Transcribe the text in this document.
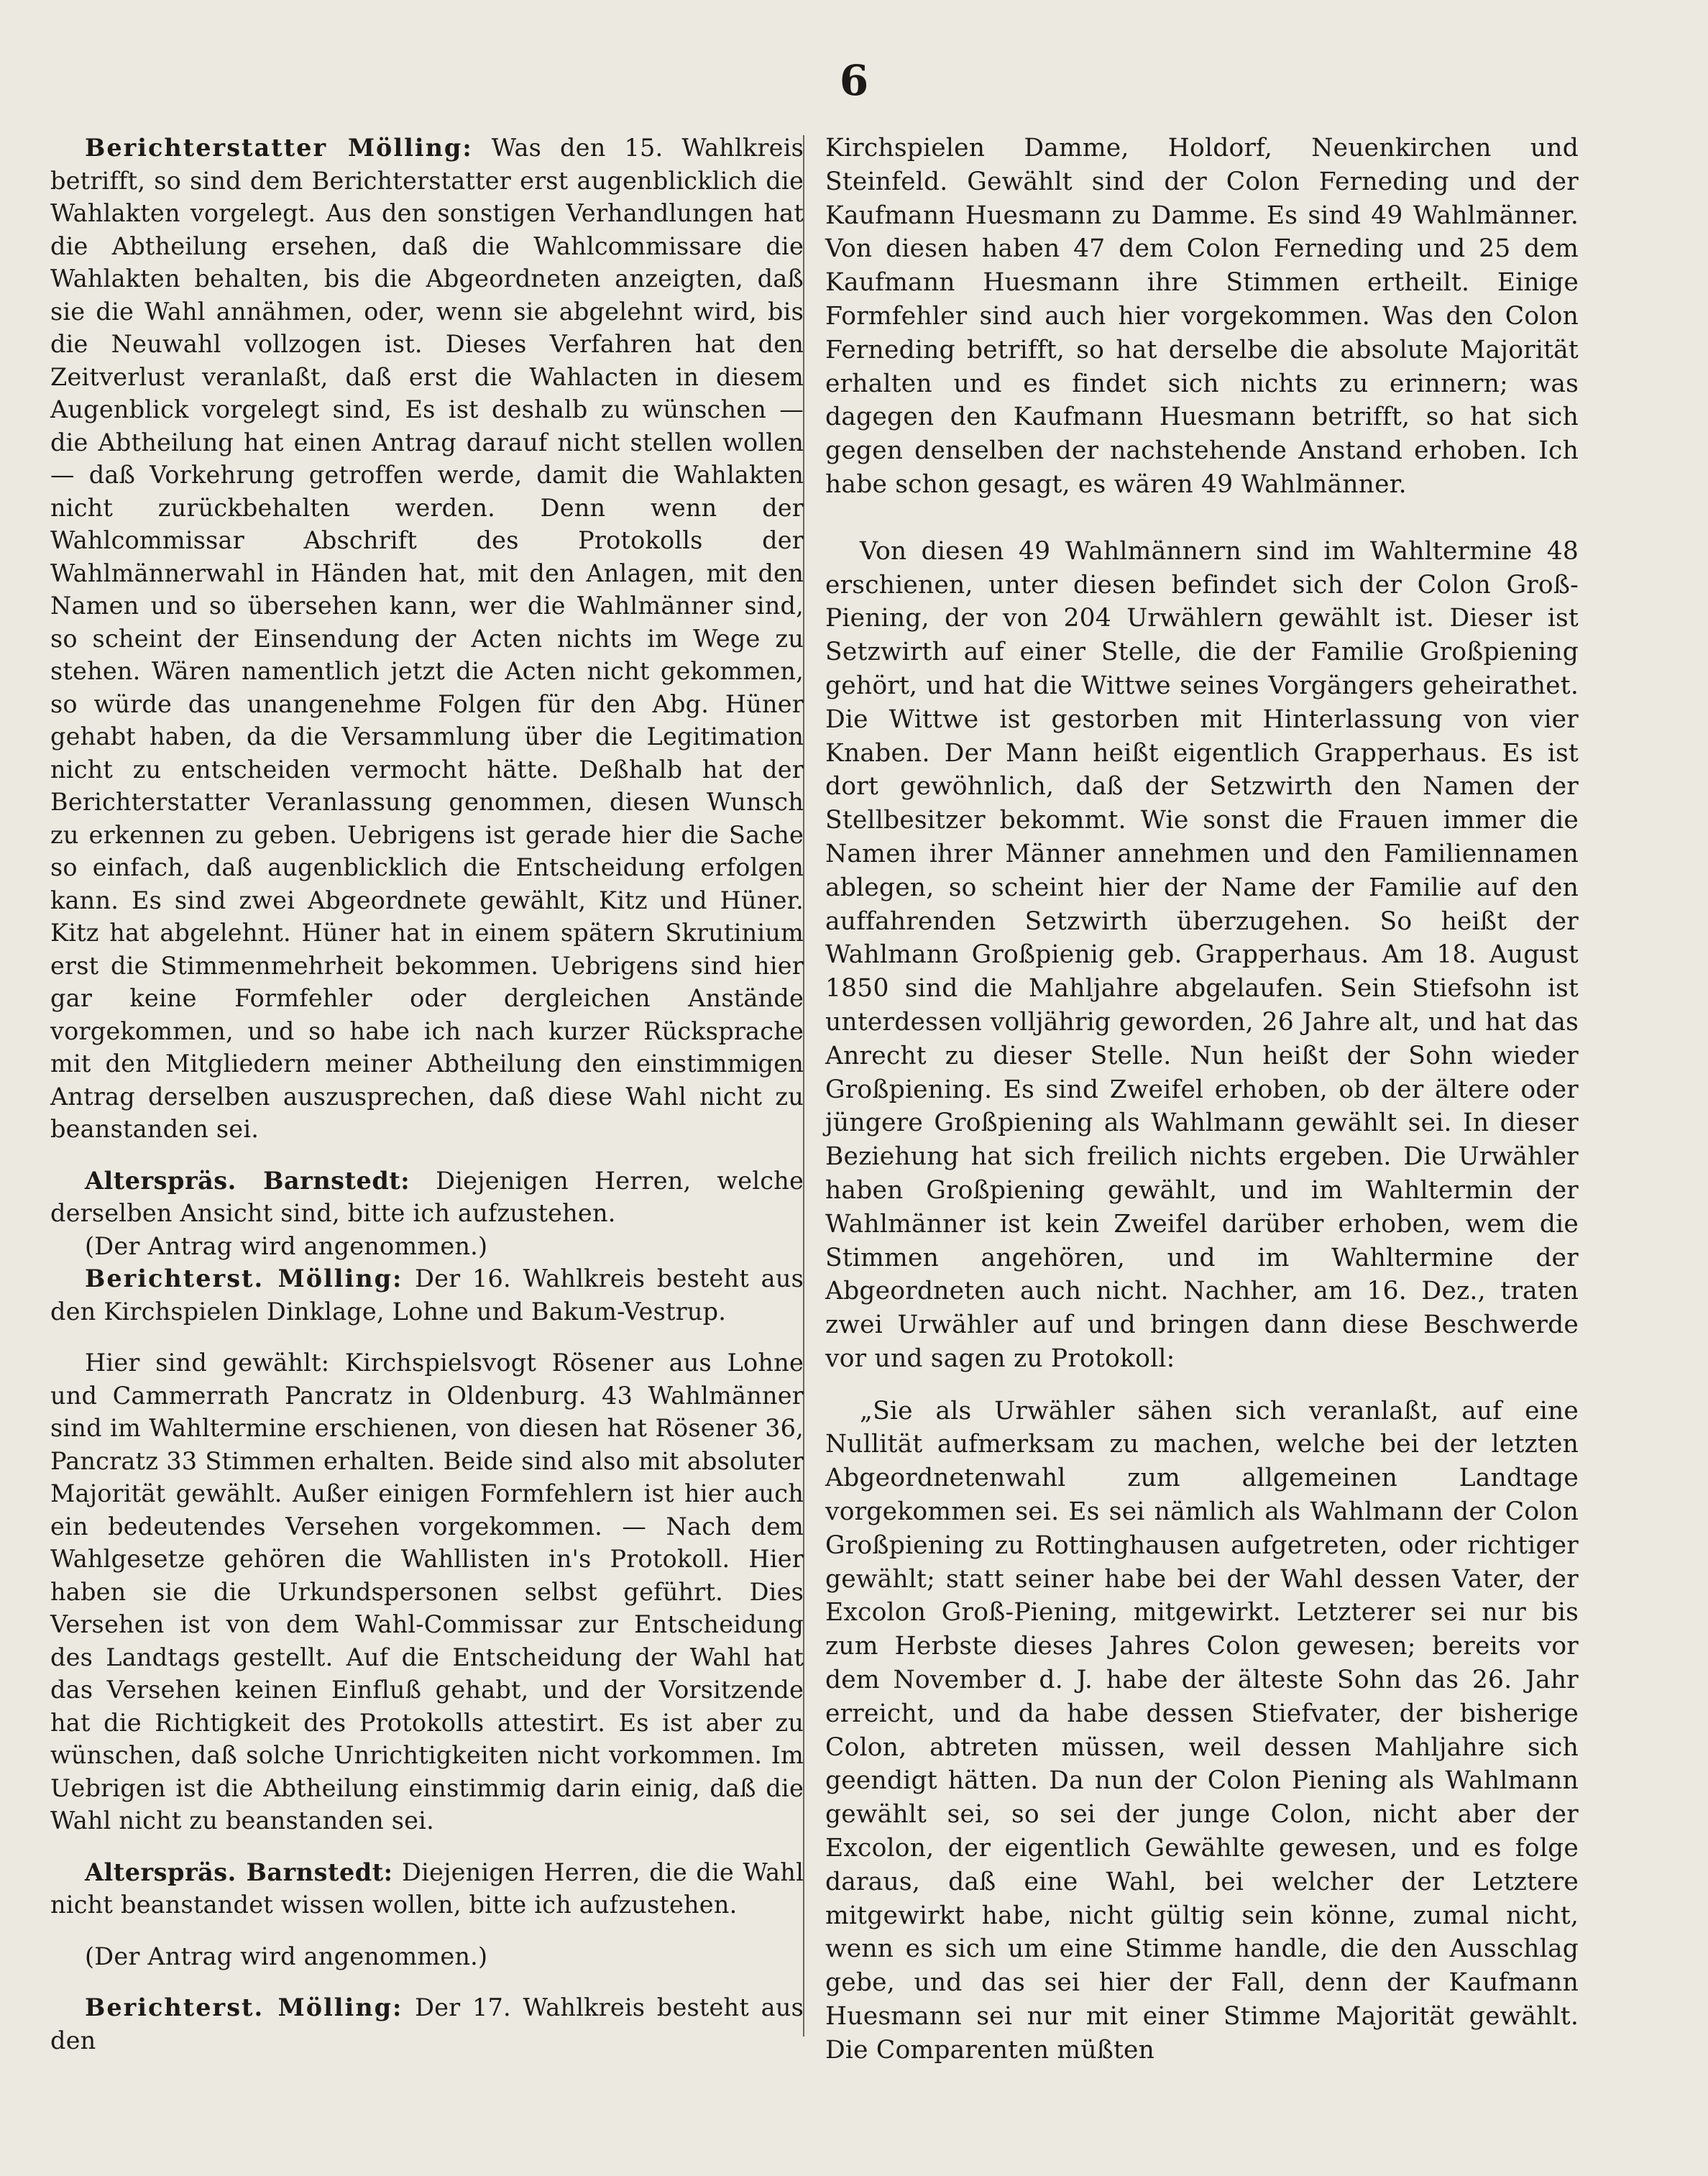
6

Berichterstatter Mölling: Was den 15. Wahlkreis betrifft, so sind dem Berichterstatter erst augenblicklich die Wahlakten vorgelegt. Aus den sonstigen Verhandlungen hat die Abtheilung ersehen, daß die Wahlcommissare die Wahlakten behalten, bis die Abgeordneten anzeigten, daß sie die Wahl annähmen, oder, wenn sie abgelehnt wird, bis die Neuwahl vollzogen ist. Dieses Verfahren hat den Zeitverlust veranlaßt, daß erst die Wahlacten in diesem Augenblick vorgelegt sind, Es ist deshalb zu wünschen — die Abtheilung hat einen Antrag darauf nicht stellen wollen — daß Vorkehrung getroffen werde, damit die Wahlakten nicht zurückbehalten werden. Denn wenn der Wahlcommissar Abschrift des Protokolls der Wahlmännerwahl in Händen hat, mit den Anlagen, mit den Namen und so übersehen kann, wer die Wahlmänner sind, so scheint der Einsendung der Acten nichts im Wege zu stehen. Wären namentlich jetzt die Acten nicht gekommen, so würde das unangenehme Folgen für den Abg. Hüner gehabt haben, da die Versammlung über die Legitimation nicht zu entscheiden vermocht hätte. Deßhalb hat der Berichterstatter Veranlassung genommen, diesen Wunsch zu erkennen zu geben. Uebrigens ist gerade hier die Sache so einfach, daß augenblicklich die Entscheidung erfolgen kann. Es sind zwei Abgeordnete gewählt, Kitz und Hüner. Kitz hat abgelehnt. Hüner hat in einem spätern Skrutinium erst die Stimmenmehrheit bekommen. Uebrigens sind hier gar keine Formfehler oder dergleichen Anstände vorgekommen, und so habe ich nach kurzer Rücksprache mit den Mitgliedern meiner Abtheilung den einstimmigen Antrag derselben auszusprechen, daß diese Wahl nicht zu beanstanden sei.

Alterspräs. Barnstedt: Diejenigen Herren, welche derselben Ansicht sind, bitte ich aufzustehen.

(Der Antrag wird angenommen.)

Berichterst. Mölling: Der 16. Wahlkreis besteht aus den Kirchspielen Dinklage, Lohne und Bakum-Vestrup.

Hier sind gewählt: Kirchspielsvogt Rösener aus Lohne und Cammerrath Pancratz in Oldenburg. 43 Wahlmänner sind im Wahltermine erschienen, von diesen hat Rösener 36, Pancratz 33 Stimmen erhalten. Beide sind also mit absoluter Majorität gewählt. Außer einigen Formfehlern ist hier auch ein bedeutendes Versehen vorgekommen. — Nach dem Wahlgesetze gehören die Wahllisten in's Protokoll. Hier haben sie die Urkundspersonen selbst geführt. Dies Versehen ist von dem Wahl-Commissar zur Entscheidung des Landtags gestellt. Auf die Entscheidung der Wahl hat das Versehen keinen Einfluß gehabt, und der Vorsitzende hat die Richtigkeit des Protokolls attestirt. Es ist aber zu wünschen, daß solche Unrichtigkeiten nicht vorkommen. Im Uebrigen ist die Abtheilung einstimmig darin einig, daß die Wahl nicht zu beanstanden sei.

Alterspräs. Barnstedt: Diejenigen Herren, die die Wahl nicht beanstandet wissen wollen, bitte ich aufzustehen.

(Der Antrag wird angenommen.)

Berichterst. Mölling: Der 17. Wahlkreis besteht aus den

Kirchspielen Damme, Holdorf, Neuenkirchen und Steinfeld. Gewählt sind der Colon Ferneding und der Kaufmann Huesmann zu Damme. Es sind 49 Wahlmänner. Von diesen haben 47 dem Colon Ferneding und 25 dem Kaufmann Huesmann ihre Stimmen ertheilt. Einige Formfehler sind auch hier vorgekommen. Was den Colon Ferneding betrifft, so hat derselbe die absolute Majorität erhalten und es findet sich nichts zu erinnern; was dagegen den Kaufmann Huesmann betrifft, so hat sich gegen denselben der nachstehende Anstand erhoben. Ich habe schon gesagt, es wären 49 Wahlmänner.

Von diesen 49 Wahlmännern sind im Wahltermine 48 erschienen, unter diesen befindet sich der Colon Groß-Piening, der von 204 Urwählern gewählt ist. Dieser ist Setzwirth auf einer Stelle, die der Familie Großpiening gehört, und hat die Wittwe seines Vorgängers geheirathet. Die Wittwe ist gestorben mit Hinterlassung von vier Knaben. Der Mann heißt eigentlich Grapperhaus. Es ist dort gewöhnlich, daß der Setzwirth den Namen der Stellbesitzer bekommt. Wie sonst die Frauen immer die Namen ihrer Männer annehmen und den Familiennamen ablegen, so scheint hier der Name der Familie auf den auffahrenden Setzwirth überzugehen. So heißt der Wahlmann Großpienig geb. Grapperhaus. Am 18. August 1850 sind die Mahljahre abgelaufen. Sein Stiefsohn ist unterdessen volljährig geworden, 26 Jahre alt, und hat das Anrecht zu dieser Stelle. Nun heißt der Sohn wieder Großpiening. Es sind Zweifel erhoben, ob der ältere oder jüngere Großpiening als Wahlmann gewählt sei. In dieser Beziehung hat sich freilich nichts ergeben. Die Urwähler haben Großpiening gewählt, und im Wahltermin der Wahlmänner ist kein Zweifel darüber erhoben, wem die Stimmen angehören, und im Wahltermine der Abgeordneten auch nicht. Nachher, am 16. Dez., traten zwei Urwähler auf und bringen dann diese Beschwerde vor und sagen zu Protokoll:

„Sie als Urwähler sähen sich veranlaßt, auf eine Nullität aufmerksam zu machen, welche bei der letzten Abgeordnetenwahl zum allgemeinen Landtage vorgekommen sei. Es sei nämlich als Wahlmann der Colon Großpiening zu Rottinghausen aufgetreten, oder richtiger gewählt; statt seiner habe bei der Wahl dessen Vater, der Excolon Groß-Piening, mitgewirkt. Letzterer sei nur bis zum Herbste dieses Jahres Colon gewesen; bereits vor dem November d. J. habe der älteste Sohn das 26. Jahr erreicht, und da habe dessen Stiefvater, der bisherige Colon, abtreten müssen, weil dessen Mahljahre sich geendigt hätten. Da nun der Colon Piening als Wahlmann gewählt sei, so sei der junge Colon, nicht aber der Excolon, der eigentlich Gewählte gewesen, und es folge daraus, daß eine Wahl, bei welcher der Letztere mitgewirkt habe, nicht gültig sein könne, zumal nicht, wenn es sich um eine Stimme handle, die den Ausschlag gebe, und das sei hier der Fall, denn der Kaufmann Huesmann sei nur mit einer Stimme Majorität gewählt. Die Comparenten müßten
